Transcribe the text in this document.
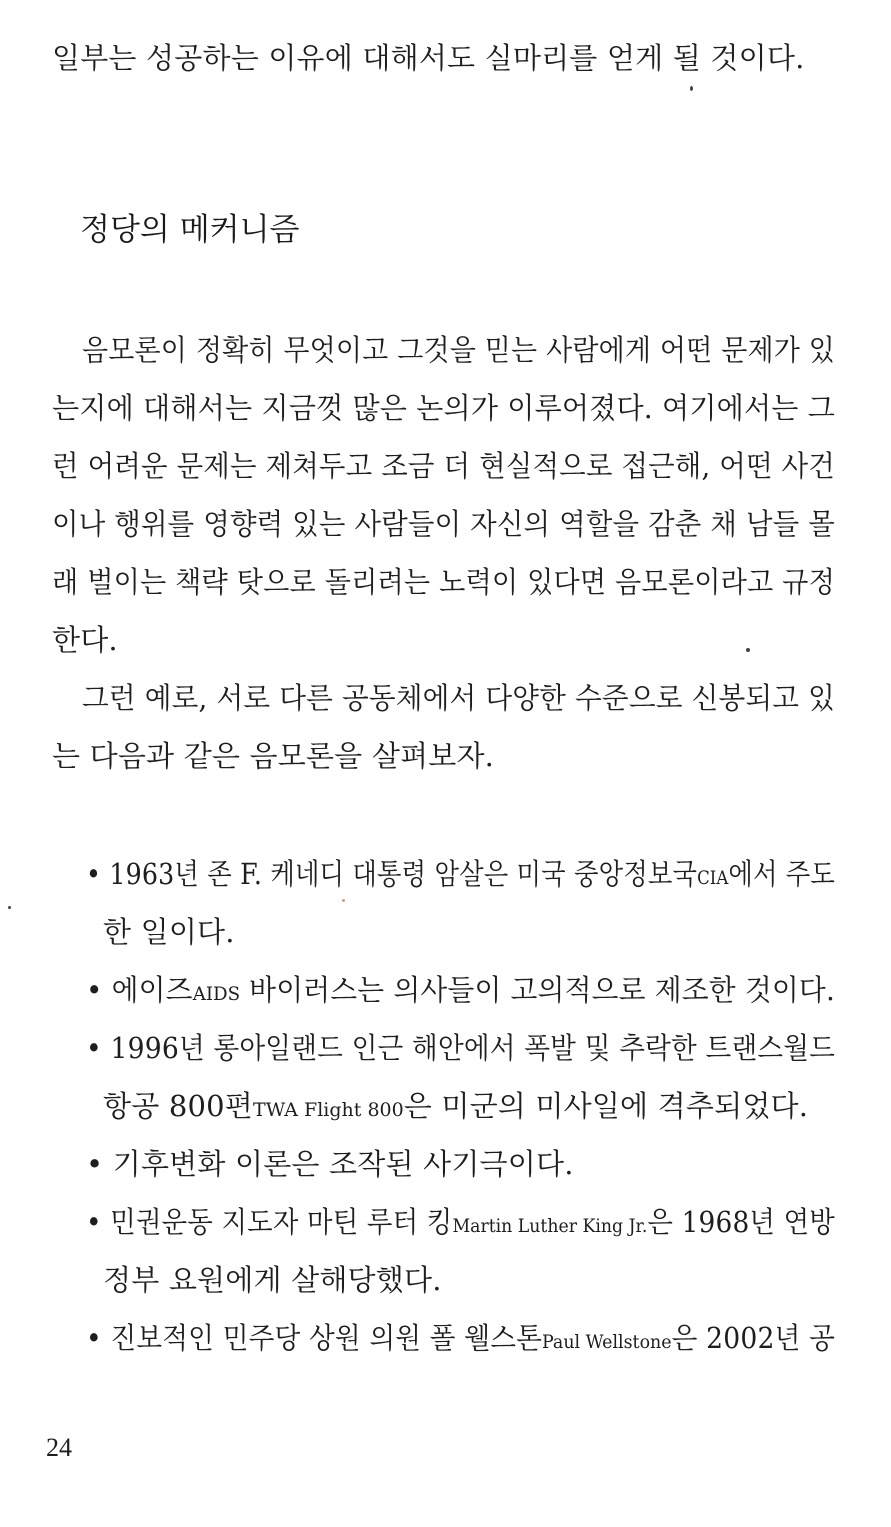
일부는 성공하는 이유에 대해서도 실마리를 얻게 될 것이다.
정당의 메커니즘
음모론이 정확히 무엇이고 그것을 믿는 사람에게 어떤 문제가 있
는지에 대해서는 지금껏 많은 논의가 이루어졌다. 여기에서는 그
런 어려운 문제는 제쳐두고 조금 더 현실적으로 접근해, 어떤 사건
이나 행위를 영향력 있는 사람들이 자신의 역할을 감춘 채 남들 몰
래 벌이는 책략 탓으로 돌리려는 노력이 있다면 음모론이라고 규정
한다.
그런 예로, 서로 다른 공동체에서 다양한 수준으로 신봉되고 있
는 다음과 같은 음모론을 살펴보자.
• 1963년 존 F. 케네디 대통령 암살은 미국 중앙정보국CIA에서 주도
한 일이다.
• 에이즈AIDS 바이러스는 의사들이 고의적으로 제조한 것이다.
• 1996년 롱아일랜드 인근 해안에서 폭발 및 추락한 트랜스월드
항공 800편TWA Flight 800은 미군의 미사일에 격추되었다.
• 기후변화 이론은 조작된 사기극이다.
• 민권운동 지도자 마틴 루터 킹Martin Luther King Jr.은 1968년 연방
정부 요원에게 살해당했다.
• 진보적인 민주당 상원 의원 폴 웰스톤Paul Wellstone은 2002년 공
24
